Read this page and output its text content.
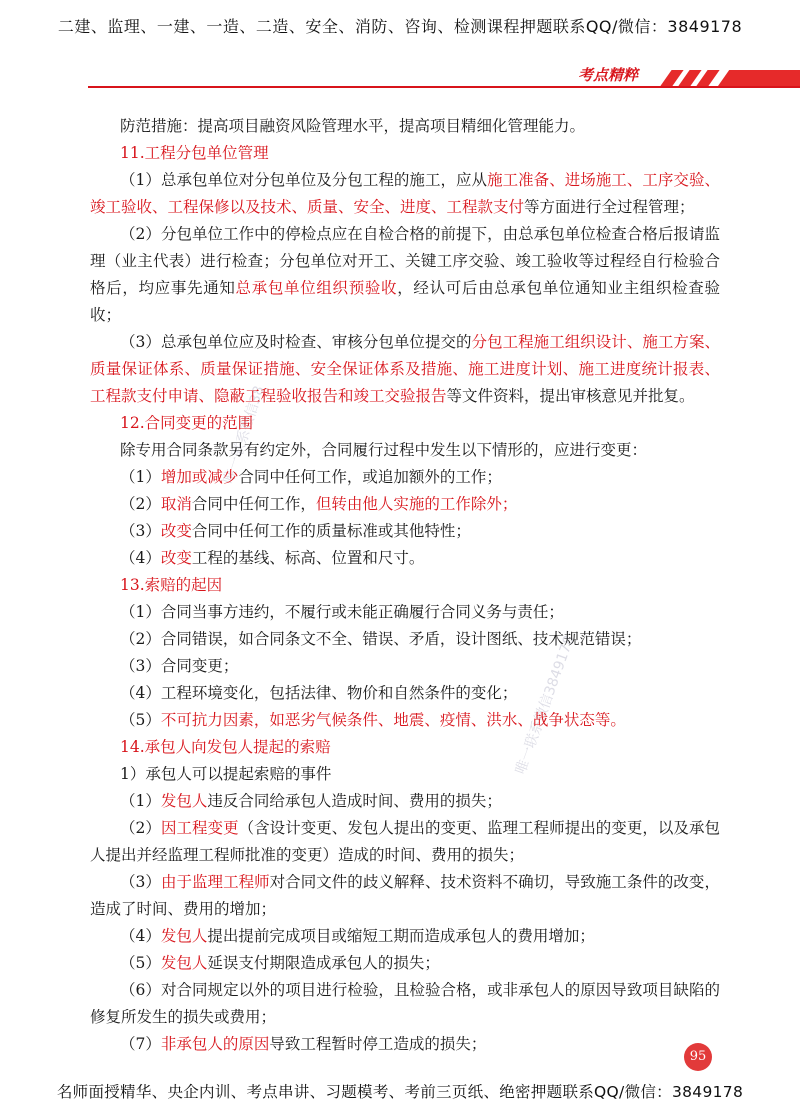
二建、监理、一建、一造、二造、安全、消防、咨询、检测课程押题联系QQ/微信：3849178
考点精粹
唯一联系微信38
唯一联系微信3849178

防范措施：提高项目融资风险管理水平，提高项目精细化管理能力。

11.工程分包单位管理

（1）总承包单位对分包单位及分包工程的施工，应从施工准备、进场施工、工序交验、竣工验收、工程保修以及技术、质量、安全、进度、工程款支付等方面进行全过程管理；

（2）分包单位工作中的停检点应在自检合格的前提下，由总承包单位检查合格后报请监理（业主代表）进行检查；分包单位对开工、关键工序交验、竣工验收等过程经自行检验合格后，均应事先通知总承包单位组织预验收，经认可后由总承包单位通知业主组织检查验收；

（3）总承包单位应及时检查、审核分包单位提交的分包工程施工组织设计、施工方案、质量保证体系、质量保证措施、安全保证体系及措施、施工进度计划、施工进度统计报表、工程款支付申请、隐蔽工程验收报告和竣工交验报告等文件资料，提出审核意见并批复。

12.合同变更的范围

除专用合同条款另有约定外，合同履行过程中发生以下情形的，应进行变更：

（1）增加或减少合同中任何工作，或追加额外的工作；

（2）取消合同中任何工作，但转由他人实施的工作除外；

（3）改变合同中任何工作的质量标准或其他特性；

（4）改变工程的基线、标高、位置和尺寸。

13.索赔的起因

（1）合同当事方违约，不履行或未能正确履行合同义务与责任；

（2）合同错误，如合同条文不全、错误、矛盾，设计图纸、技术规范错误；

（3）合同变更；

（4）工程环境变化，包括法律、物价和自然条件的变化；

（5）不可抗力因素，如恶劣气候条件、地震、疫情、洪水、战争状态等。

14.承包人向发包人提起的索赔

1）承包人可以提起索赔的事件

（1）发包人违反合同给承包人造成时间、费用的损失；

（2）因工程变更（含设计变更、发包人提出的变更、监理工程师提出的变更，以及承包人提出并经监理工程师批准的变更）造成的时间、费用的损失；

（3）由于监理工程师对合同文件的歧义解释、技术资料不确切，导致施工条件的改变，造成了时间、费用的增加；

（4）发包人提出提前完成项目或缩短工期而造成承包人的费用增加；

（5）发包人延误支付期限造成承包人的损失；

（6）对合同规定以外的项目进行检验，且检验合格，或非承包人的原因导致项目缺陷的修复所发生的损失或费用；

（7）非承包人的原因导致工程暂时停工造成的损失；

95
名师面授精华、央企内训、考点串讲、习题模考、考前三页纸、绝密押题联系QQ/微信：3849178
